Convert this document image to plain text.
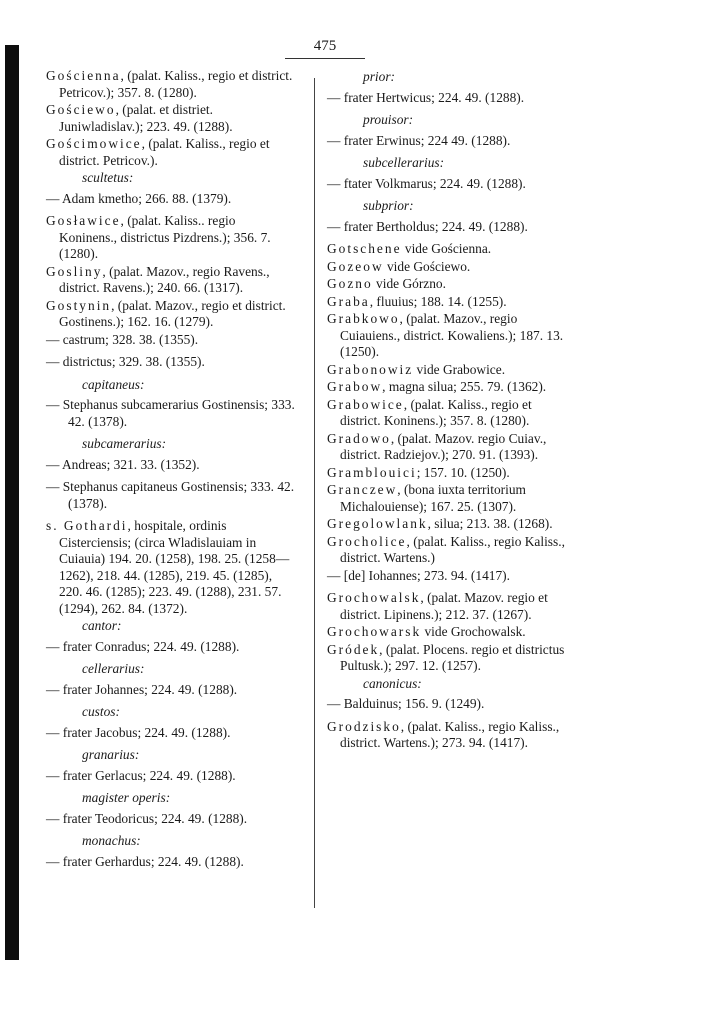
475
Gościenna, (palat. Kaliss., regio et district. Petricov.); 357. 8. (1280).
Gościewo, (palat. et distriet. Juniwladislav.); 223. 49. (1288).
Gościmowice, (palat. Kaliss., regio et district. Petricov.).
scultetus:
— Adam kmetho; 266. 88. (1379).
Gosławice, (palat. Kaliss.. regio Koninens., districtus Pizdrens.); 356. 7. (1280).
Gosliny, (palat. Mazov., regio Ravens., district. Ravens.); 240. 66. (1317).
Gostynin, (palat. Mazov., regio et district. Gostinens.); 162. 16. (1279).
— castrum; 328. 38. (1355).
— districtus; 329. 38. (1355).
capitaneus:
— Stephanus subcamerarius Gostinensis; 333. 42. (1378).
subcamerarius:
— Andreas; 321. 33. (1352).
— Stephanus capitaneus Gostinensis; 333. 42. (1378).
s. Gothardi, hospitale, ordinis Cisterciensis; (circa Wladislauiam in Cuiauia) 194. 20. (1258), 198. 25. (1258—1262), 218. 44. (1285), 219. 45. (1285), 220. 46. (1285); 223. 49. (1288), 231. 57. (1294), 262. 84. (1372).
cantor:
— frater Conradus; 224. 49. (1288).
cellerarius:
— frater Johannes; 224. 49. (1288).
custos:
— frater Jacobus; 224. 49. (1288).
granarius:
— frater Gerlacus; 224. 49. (1288).
magister operis:
— frater Teodoricus; 224. 49. (1288).
monachus:
— frater Gerhardus; 224. 49. (1288).
prior:
— frater Hertwicus; 224. 49. (1288).
prouisor:
— frater Erwinus; 224 49. (1288).
subcellerarius:
— ftater Volkmarus; 224. 49. (1288).
subprior:
— frater Bertholdus; 224. 49. (1288).
Gotschene vide Gościenna.
Gozeow vide Gościewo.
Gozno vide Górzno.
Graba, fluuius; 188. 14. (1255).
Grabkowo, (palat. Mazov., regio Cuiauiens., district. Kowaliens.); 187. 13. (1250).
Grabonowiz vide Grabowice.
Grabow, magna silua; 255. 79. (1362).
Grabowice, (palat. Kaliss., regio et district. Koninens.); 357. 8. (1280).
Gradowo, (palat. Mazov. regio Cuiav., district. Radziejov.); 270. 91. (1393).
Gramblouici; 157. 10. (1250).
Granczew, (bona iuxta territorium Michalouiense); 167. 25. (1307).
Gregolowlank, silua; 213. 38. (1268).
Grocholice, (palat. Kaliss., regio Kaliss., district. Wartens.)
— [de] Iohannes; 273. 94. (1417).
Grochowalsk, (palat. Mazov. regio et district. Lipinens.); 212. 37. (1267).
Grochowarsk vide Grochowalsk.
Gródek, (palat. Plocens. regio et districtus Pultusk.); 297. 12. (1257).
canonicus:
— Balduinus; 156. 9. (1249).
Grodzisko, (palat. Kaliss., regio Kaliss., district. Wartens.); 273. 94. (1417).
